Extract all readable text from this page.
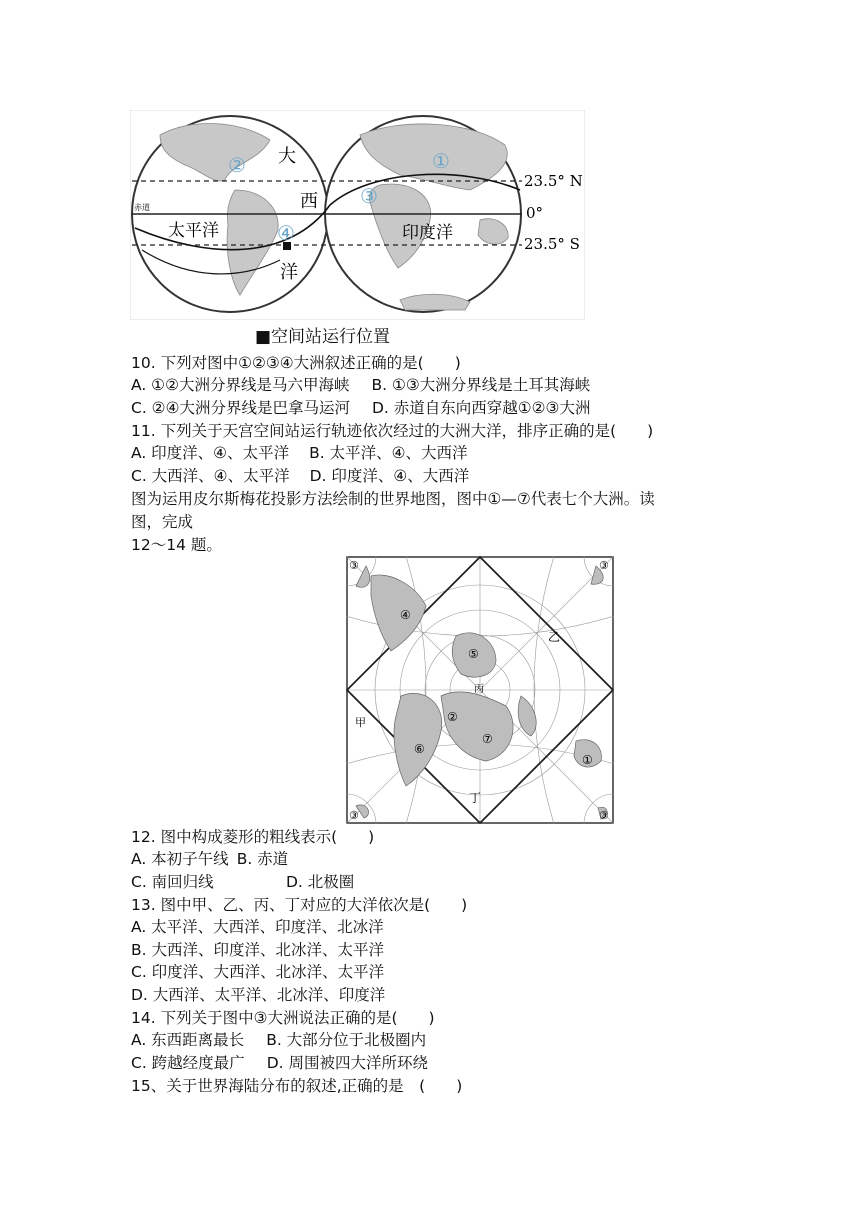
②
④
①
③
大
西
洋
太平洋	印度洋
赤道
23.5° N
0°
23.5° S
■空间站运行位置
10. 下列对图中①②③④大洲叙述正确的是(　　)
A. ①②大洲分界线是马六甲海峡 B. ①③大洲分界线是土耳其海峡
C. ②④大洲分界线是巴拿马运河 D. 赤道自东向西穿越①②③大洲
11. 下列关于天宫空间站运行轨迹依次经过的大洲大洋，排序正确的是(　　)
A. 印度洋、④、太平洋 B. 太平洋、④、大西洋
C. 大西洋、④、太平洋 D. 印度洋、④、大西洋
图为运用皮尔斯梅花投影方法绘制的世界地图，图中①—⑦代表七个大洲。读
图，完成
12～14 题。
④
⑤
②
⑦
⑥
①
③	③
③	③
甲
乙
丙
丁
12. 图中构成菱形的粗线表示(　　)
A. 本初子午线 B. 赤道
C. 南回归线	D. 北极圈
13. 图中甲、乙、丙、丁对应的大洋依次是(　　)
A. 太平洋、大西洋、印度洋、北冰洋
B. 大西洋、印度洋、北冰洋、太平洋
C. 印度洋、大西洋、北冰洋、太平洋
D. 大西洋、太平洋、北冰洋、印度洋
14. 下列关于图中③大洲说法正确的是(　　)
A. 东西距离最长 B. 大部分位于北极圈内
C. 跨越经度最广 D. 周围被四大洋所环绕
15、关于世界海陆分布的叙述,正确的是　(　　)
